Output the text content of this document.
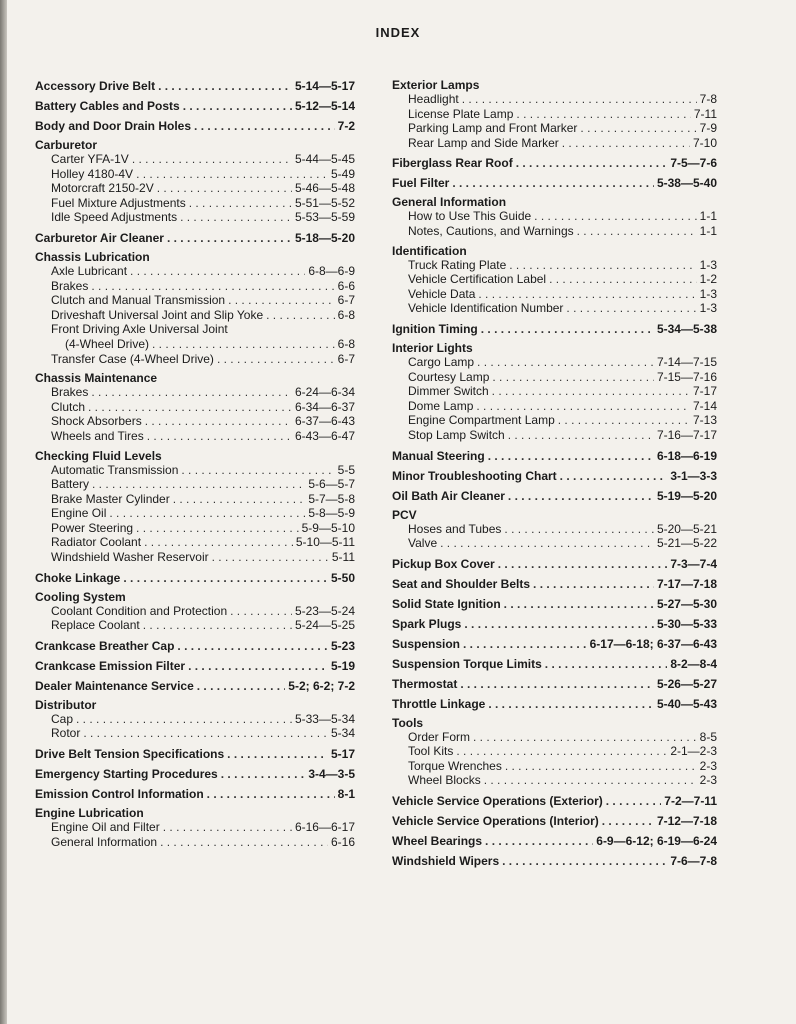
INDEX
Accessory Drive Belt . . .	5-14—5-17
Battery Cables and Posts . . .	5-12—5-14
Body and Door Drain Holes . . .	7-2
Carburetor
Carter YFA-1V . . .	5-44—5-45
Holley 4180-4V . . .	5-49
Motorcraft 2150-2V . . .	5-46—5-48
Fuel Mixture Adjustments . . .	5-51—5-52
Idle Speed Adjustments . . .	5-53—5-59
Carburetor Air Cleaner . . .	5-18—5-20
Chassis Lubrication
Axle Lubricant . . .	6-8—6-9
Brakes . . .	6-6
Clutch and Manual Transmission . . .	6-7
Driveshaft Universal Joint and Slip Yoke . . .	6-8
Front Driving Axle Universal Joint
(4-Wheel Drive) . . .	6-8
Transfer Case (4-Wheel Drive) . . .	6-7
Chassis Maintenance
Brakes . . .	6-24—6-34
Clutch . . .	6-34—6-37
Shock Absorbers . . .	6-37—6-43
Wheels and Tires . . .	6-43—6-47
Checking Fluid Levels
Automatic Transmission . . .	5-5
Battery . . .	5-6—5-7
Brake Master Cylinder . . .	5-7—5-8
Engine Oil . . .	5-8—5-9
Power Steering . . .	5-9—5-10
Radiator Coolant . . .	5-10—5-11
Windshield Washer Reservoir . . .	5-11
Choke Linkage . . .	5-50
Cooling System
Coolant Condition and Protection . . .	5-23—5-24
Replace Coolant . . .	5-24—5-25
Crankcase Breather Cap . . .	5-23
Crankcase Emission Filter . . .	5-19
Dealer Maintenance Service . . .	5-2; 6-2; 7-2
Distributor
Cap . . .	5-33—5-34
Rotor . . .	5-34
Drive Belt Tension Specifications . . .	5-17
Emergency Starting Procedures . . .	3-4—3-5
Emission Control Information . . .	8-1
Engine Lubrication
Engine Oil and Filter . . .	6-16—6-17
General Information . . .	6-16
Exterior Lamps
Headlight . . .	7-8
License Plate Lamp . . .	7-11
Parking Lamp and Front Marker . . .	7-9
Rear Lamp and Side Marker . . .	7-10
Fiberglass Rear Roof . . .	7-5—7-6
Fuel Filter . . .	5-38—5-40
General Information
How to Use This Guide . . .	1-1
Notes, Cautions, and Warnings . . .	1-1
Identification
Truck Rating Plate . . .	1-3
Vehicle Certification Label . . .	1-2
Vehicle Data . . .	1-3
Vehicle Identification Number . . .	1-3
Ignition Timing . . .	5-34—5-38
Interior Lights
Cargo Lamp . . .	7-14—7-15
Courtesy Lamp . . .	7-15—7-16
Dimmer Switch . . .	7-17
Dome Lamp . . .	7-14
Engine Compartment Lamp . . .	7-13
Stop Lamp Switch . . .	7-16—7-17
Manual Steering . . .	6-18—6-19
Minor Troubleshooting Chart . . .	3-1—3-3
Oil Bath Air Cleaner . . .	5-19—5-20
PCV
Hoses and Tubes . . .	5-20—5-21
Valve . . .	5-21—5-22
Pickup Box Cover . . .	7-3—7-4
Seat and Shoulder Belts . . .	7-17—7-18
Solid State Ignition . . .	5-27—5-30
Spark Plugs . . .	5-30—5-33
Suspension . . .	6-17—6-18; 6-37—6-43
Suspension Torque Limits . . .	8-2—8-4
Thermostat . . .	5-26—5-27
Throttle Linkage . . .	5-40—5-43
Tools
Order Form . . .	8-5
Tool Kits . . .	2-1—2-3
Torque Wrenches . . .	2-3
Wheel Blocks . . .	2-3
Vehicle Service Operations (Exterior) . . .	7-2—7-11
Vehicle Service Operations (Interior) . . .	7-12—7-18
Wheel Bearings . . .	6-9—6-12; 6-19—6-24
Windshield Wipers . . .	7-6—7-8
